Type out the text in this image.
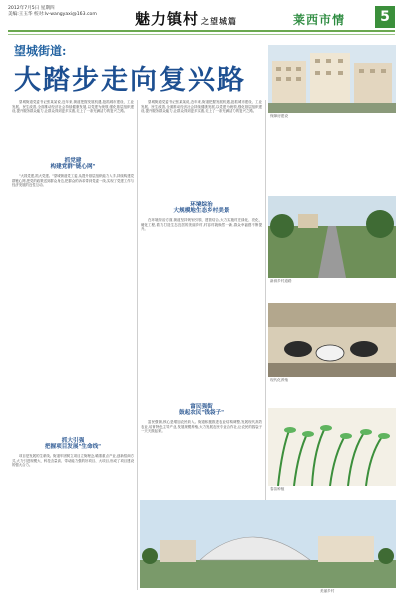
2012年7月5日 星期四
美编:王玉华 校对:lv-wangyaxi@163.com	魅力镇村 之望城篇	莱西市情	5
望城街道:
大踏步走向复兴路
保障房建设
新辟乡村道路
现代化养殖
春苗种植
美丽乡村

望城街道党委书记张某某说,近年来,街道把握发展机遇,抢抓城市建设、工业发展、民生改善,全面推动经济社会持续健康发展,以党建为统领,强化基层组织建设,提升服务群众能力,让群众得到更多实惠,走上了一条充满活力的复兴之路。

抓党建
构建党群"链心网"

"大抓党建,抓大党建。"望城街道党工委,从提升基层组织能力入手,持续构建党群链心网,把党的政策送到群众身边,把群众的诉求带到党委一线,实现了党建工作与经济发展的良性互动。

抓大引强
把握项目发展"生命线"

项目是发展的生命线。街道牢固树立项目立街理念,瞄准重点产业,创新招商方式,大力引进规模大、科技含量高、带动能力强的好项目、大项目,形成了项目建设的强大合力。

望城街道党委书记张某某说,近年来,街道把握发展机遇,抢抓城市建设、工业发展、民生改善,全面推动经济社会持续健康发展,以党建为统领,强化基层组织建设,提升服务群众能力,让群众得到更多实惠,走上了一条充满活力的复兴之路。

环境综治
大规模地生态乡村美景

在环境综治方面,街道坚持规划引领、建管结合,大力实施村庄绿化、亮化、硬化工程,着力打造生态宜居的美丽乡村,村容村貌焕然一新,群众幸福感不断提升。

富民强街
鼓起农民"钱袋子"

富民强街,核心是增加农民收入。街道积极推进农业结构调整,发展现代高效农业,培育特色主导产业,发展规模养殖,大力发展农民专业合作社,让农民的钱袋子一天天鼓起来。
